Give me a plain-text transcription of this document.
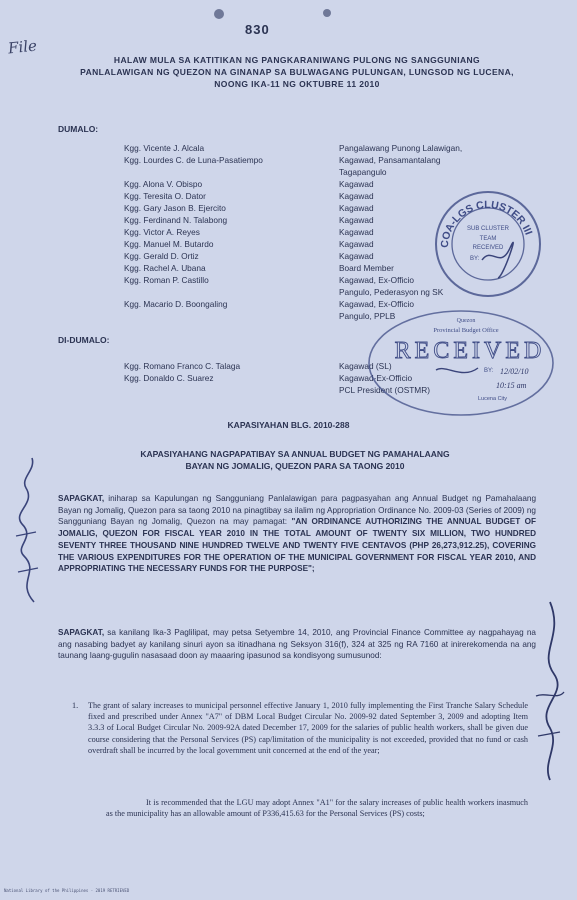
830
File
HALAW MULA SA KATITIKAN NG PANGKARANIWANG PULONG NG SANGGUNIANG
PANLALAWIGAN NG QUEZON NA GINANAP SA BULWAGANG PULUNGAN, LUNGSOD NG LUCENA,
NOONG IKA-11 NG OKTUBRE 11 2010
DUMALO:
Kgg. Vicente J. Alcala	Pangalawang Punong Lalawigan,
Kgg. Lourdes C. de Luna-Pasatiempo	Kagawad, Pansamantalang
Tagapangulo
Kgg. Alona V. Obispo	Kagawad
Kgg. Teresita O. Dator	Kagawad
Kgg. Gary Jason B. Ejercito	Kagawad
Kgg. Ferdinand N. Talabong	Kagawad
Kgg. Victor A. Reyes	Kagawad
Kgg. Manuel M. Butardo	Kagawad
Kgg. Gerald D. Ortiz	Kagawad
Kgg. Rachel A. Ubana	Board Member
Kgg. Roman P. Castillo	Kagawad, Ex-Officio
Pangulo, Pederasyon ng SK
Kgg. Macario D. Boongaling	Kagawad, Ex-Officio
Pangulo, PPLB
DI-DUMALO:
Kgg. Romano Franco C. Talaga	Kagawad (SL)
Kgg. Donaldo C. Suarez	Kagawad-Ex-Officio
PCL President (OSTMR)
KAPASIYAHAN BLG. 2010-288
KAPASIYAHANG NAGPAPATIBAY SA ANNUAL BUDGET NG PAMAHALAANG
BAYAN NG JOMALIG, QUEZON PARA SA TAONG 2010
SAPAGKAT, iniharap sa Kapulungan ng Sangguniang Panlalawigan para pagpasyahan ang Annual Budget ng Pamahalaang Bayan ng Jomalig, Quezon para sa taong 2010 na pinagtibay sa ilalim ng Appropriation Ordinance No. 2009-03 (Series of 2009) ng Sangguniang Bayan ng Jomalig, Quezon na may pamagat: "AN ORDINANCE AUTHORIZING THE ANNUAL BUDGET OF JOMALIG, QUEZON FOR FISCAL YEAR 2010 IN THE TOTAL AMOUNT OF TWENTY SIX MILLION, TWO HUNDRED SEVENTY THREE THOUSAND NINE HUNDRED TWELVE AND TWENTY FIVE CENTAVOS (PHP 26,273,912.25), COVERING THE VARIOUS EXPENDITURES FOR THE OPERATION OF THE MUNICIPAL GOVERNMENT FOR FISCAL YEAR 2010, AND APPROPRIATING THE NECESSARY FUNDS FOR THE PURPOSE";
SAPAGKAT, sa kanilang Ika-3 Paglilipat, may petsa Setyembre 14, 2010, ang Provincial Finance Committee ay nagpahayag na ang nasabing badyet ay kanilang sinuri ayon sa itinadhana ng Seksyon 316(f), 324 at 325 ng RA 7160 at inirerekomenda na ang taunang laang-gugulin nasasaad doon ay maaaring ipasunod sa kondisyong sumusunod:
1. The grant of salary increases to municipal personnel effective January 1, 2010 fully implementing the First Tranche Salary Schedule fixed and prescribed under Annex "A7" of DBM Local Budget Circular No. 2009-92 dated September 3, 2009 and adopting Item 3.3.3 of Local Budget Circular No. 2009-92A dated December 17, 2009 for the salaries of public health workers, shall be given due course considering that the Personal Services (PS) cap/limitation of the municipality is not exceeded, provided that no fund or cash overdraft shall be incurred by the local government unit concerned at the end of the year;
It is recommended that the LGU may adopt Annex "A1" for the salary increases of public health workers inasmuch as the municipality has an allowable amount of P336,415.63 for the Personal Services (PS) costs;
COA-LGS CLUSTER III
SUB CLUSTER
TEAM
RECEIVED
BY:
Quezon
Provincial Budget Office
RECEIVED
BY: 12/02/10
10:15 am
Lucena City
National Library of the Philippines · 2019 RETRIEVED
